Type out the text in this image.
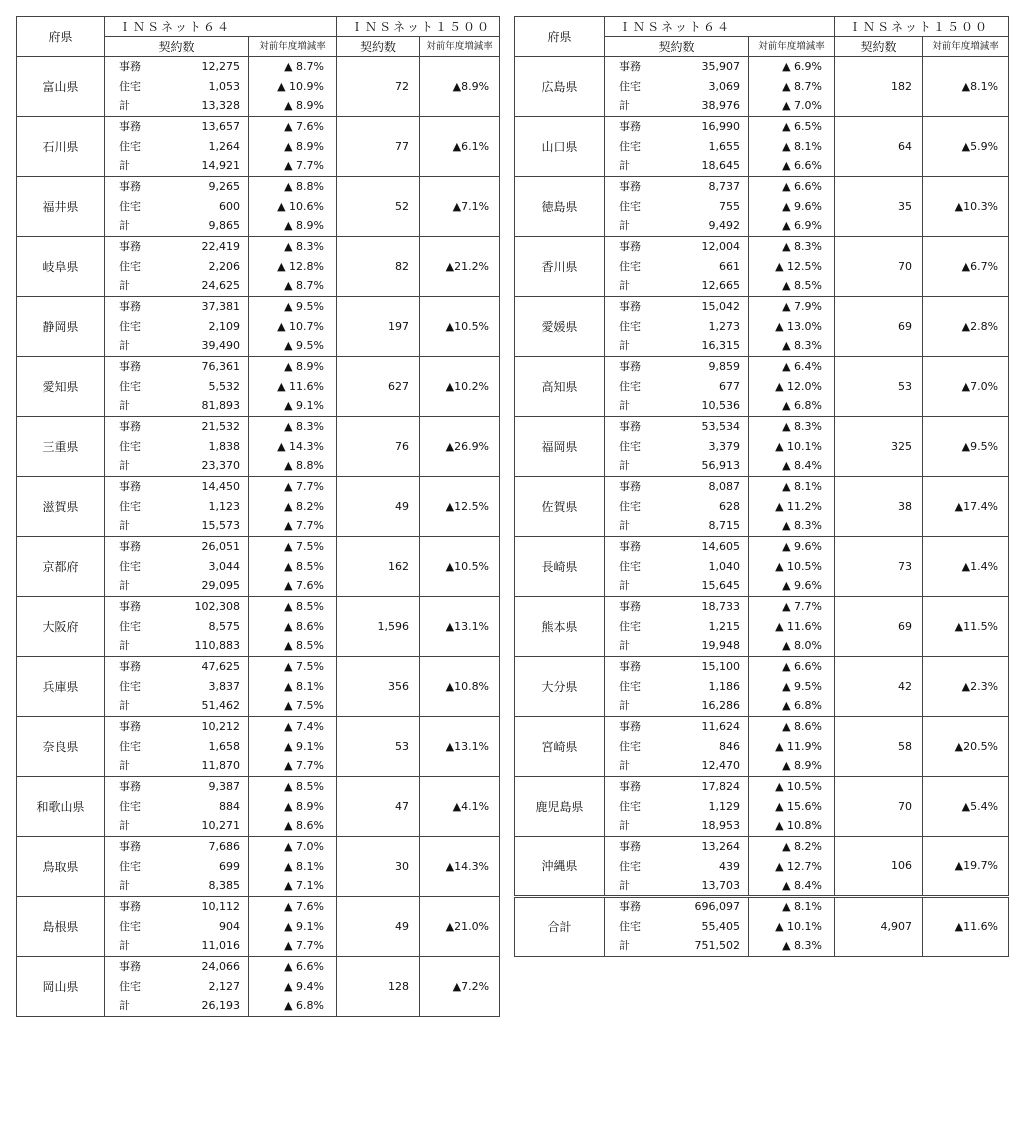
府県	ＩＮＳネット６４			ＩＮＳネット１５００	
	契約数		対前年度増減率	契約数	対前年度増減率
富山県	事務	12,275	▲ 8.7%	72	▲8.9%
	住宅	1,053	▲ 10.9%		
	計	13,328	▲ 8.9%		
石川県	事務	13,657	▲ 7.6%	77	▲6.1%
	住宅	1,264	▲ 8.9%		
	計	14,921	▲ 7.7%		
福井県	事務	9,265	▲ 8.8%	52	▲7.1%
	住宅	600	▲ 10.6%		
	計	9,865	▲ 8.9%		
岐阜県	事務	22,419	▲ 8.3%	82	▲21.2%
	住宅	2,206	▲ 12.8%		
	計	24,625	▲ 8.7%		
静岡県	事務	37,381	▲ 9.5%	197	▲10.5%
	住宅	2,109	▲ 10.7%		
	計	39,490	▲ 9.5%		
愛知県	事務	76,361	▲ 8.9%	627	▲10.2%
	住宅	5,532	▲ 11.6%		
	計	81,893	▲ 9.1%		
三重県	事務	21,532	▲ 8.3%	76	▲26.9%
	住宅	1,838	▲ 14.3%		
	計	23,370	▲ 8.8%		
滋賀県	事務	14,450	▲ 7.7%	49	▲12.5%
	住宅	1,123	▲ 8.2%		
	計	15,573	▲ 7.7%		
京都府	事務	26,051	▲ 7.5%	162	▲10.5%
	住宅	3,044	▲ 8.5%		
	計	29,095	▲ 7.6%		
大阪府	事務	102,308	▲ 8.5%	1,596	▲13.1%
	住宅	8,575	▲ 8.6%		
	計	110,883	▲ 8.5%		
兵庫県	事務	47,625	▲ 7.5%	356	▲10.8%
	住宅	3,837	▲ 8.1%		
	計	51,462	▲ 7.5%		
奈良県	事務	10,212	▲ 7.4%	53	▲13.1%
	住宅	1,658	▲ 9.1%		
	計	11,870	▲ 7.7%		
和歌山県	事務	9,387	▲ 8.5%	47	▲4.1%
	住宅	884	▲ 8.9%		
	計	10,271	▲ 8.6%		
鳥取県	事務	7,686	▲ 7.0%	30	▲14.3%
	住宅	699	▲ 8.1%		
	計	8,385	▲ 7.1%		
島根県	事務	10,112	▲ 7.6%	49	▲21.0%
	住宅	904	▲ 9.1%		
	計	11,016	▲ 7.7%		
岡山県	事務	24,066	▲ 6.6%	128	▲7.2%
	住宅	2,127	▲ 9.4%		
	計	26,193	▲ 6.8%		
府県	ＩＮＳネット６４			ＩＮＳネット１５００	
	契約数		対前年度増減率	契約数	対前年度増減率
広島県	事務	35,907	▲ 6.9%	182	▲8.1%
	住宅	3,069	▲ 8.7%		
	計	38,976	▲ 7.0%		
山口県	事務	16,990	▲ 6.5%	64	▲5.9%
	住宅	1,655	▲ 8.1%		
	計	18,645	▲ 6.6%		
徳島県	事務	8,737	▲ 6.6%	35	▲10.3%
	住宅	755	▲ 9.6%		
	計	9,492	▲ 6.9%		
香川県	事務	12,004	▲ 8.3%	70	▲6.7%
	住宅	661	▲ 12.5%		
	計	12,665	▲ 8.5%		
愛媛県	事務	15,042	▲ 7.9%	69	▲2.8%
	住宅	1,273	▲ 13.0%		
	計	16,315	▲ 8.3%		
高知県	事務	9,859	▲ 6.4%	53	▲7.0%
	住宅	677	▲ 12.0%		
	計	10,536	▲ 6.8%		
福岡県	事務	53,534	▲ 8.3%	325	▲9.5%
	住宅	3,379	▲ 10.1%		
	計	56,913	▲ 8.4%		
佐賀県	事務	8,087	▲ 8.1%	38	▲17.4%
	住宅	628	▲ 11.2%		
	計	8,715	▲ 8.3%		
長崎県	事務	14,605	▲ 9.6%	73	▲1.4%
	住宅	1,040	▲ 10.5%		
	計	15,645	▲ 9.6%		
熊本県	事務	18,733	▲ 7.7%	69	▲11.5%
	住宅	1,215	▲ 11.6%		
	計	19,948	▲ 8.0%		
大分県	事務	15,100	▲ 6.6%	42	▲2.3%
	住宅	1,186	▲ 9.5%		
	計	16,286	▲ 6.8%		
宮崎県	事務	11,624	▲ 8.6%	58	▲20.5%
	住宅	846	▲ 11.9%		
	計	12,470	▲ 8.9%		
鹿児島県	事務	17,824	▲ 10.5%	70	▲5.4%
	住宅	1,129	▲ 15.6%		
	計	18,953	▲ 10.8%		
沖縄県	事務	13,264	▲ 8.2%	106	▲19.7%
	住宅	439	▲ 12.7%		
	計	13,703	▲ 8.4%		
合計	事務	696,097	▲ 8.1%	4,907	▲11.6%
	住宅	55,405	▲ 10.1%		
	計	751,502	▲ 8.3%		
